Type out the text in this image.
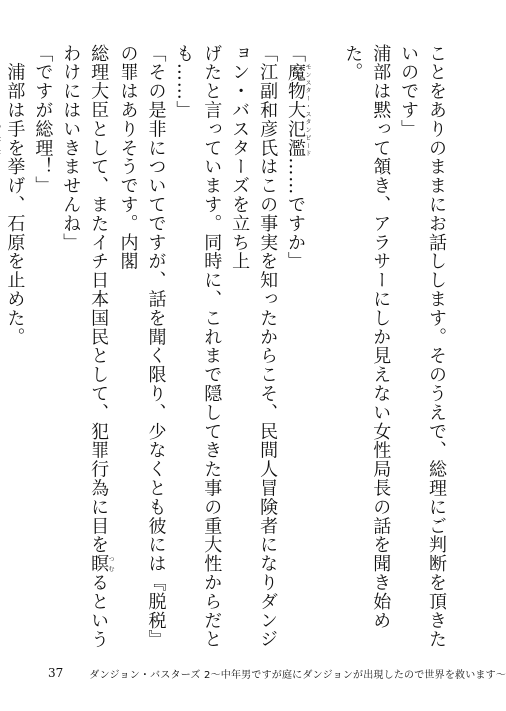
ことをありのままにお話しします。そのうえで、総理にご判断を頂きたいのです」

浦部は黙って頷き、アラサーにしか見えない女性局長の話を聞き始めた。

「魔物大氾濫モンスター・スタンピード……ですか」

「江副和彦氏はこの事実を知ったからこそ、民間人冒険者になりダンジョン・バスターズを立ち上

げたと言っています。同時に、これまで隠してきた事の重大性からだとも……」

「その是非についてですが、話を聞く限り、少なくとも彼には『脱税』の罪はありそうです。内閣

総理大臣として、またイチ日本国民として、犯罪行為に目を瞑つむるというわけにはいきませんね」

「ですが総理！」

　浦部は手を挙げ、石原を止めた。

37	ダンジョン・バスターズ 2～中年男ですが庭にダンジョンが出現したので世界を救います～
